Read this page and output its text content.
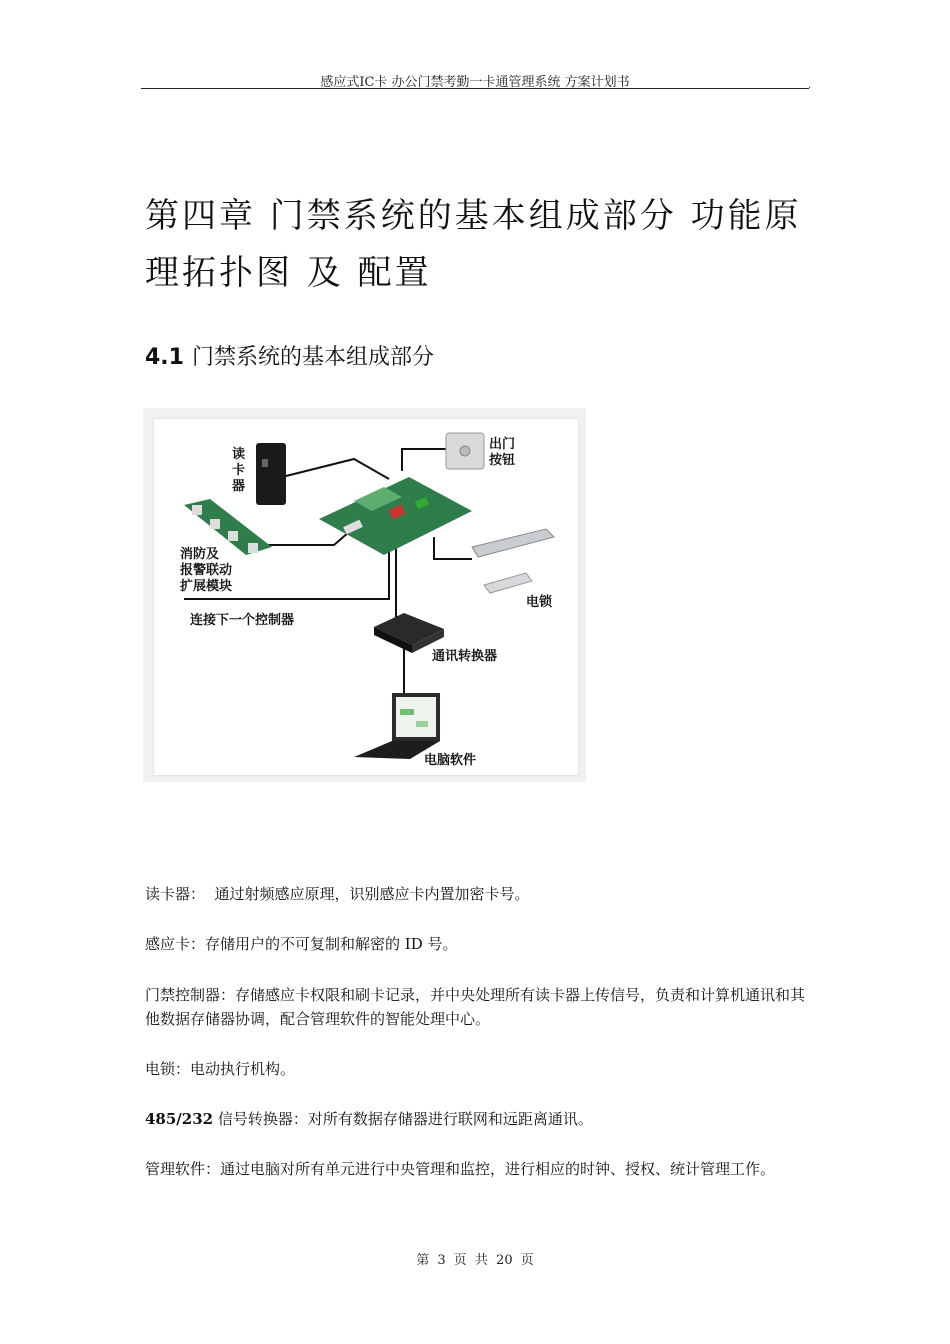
感应式IC卡 办公门禁考勤一卡通管理系统 方案计划书	.
第四章 门禁系统的基本组成部分 功能原
理拓扑图 及 配置
4.1 门禁系统的基本组成部分
读
卡
器
出门
按钮
消防及
报警联动
扩展模块
连接下一个控制器
电锁
通讯转换器
电脑软件
读卡器：  通过射频感应原理，识别感应卡内置加密卡号。
感应卡：存储用户的不可复制和解密的 ID 号。
门禁控制器：存储感应卡权限和刷卡记录，并中央处理所有读卡器上传信号，负责和计算机通讯和其他数据存储器协调，配合管理软件的智能处理中心。
电锁：电动执行机构。
485/232 信号转换器：对所有数据存储器进行联网和远距离通讯。
管理软件：通过电脑对所有单元进行中央管理和监控，进行相应的时钟、授权、统计管理工作。
第 3 页 共 20 页
